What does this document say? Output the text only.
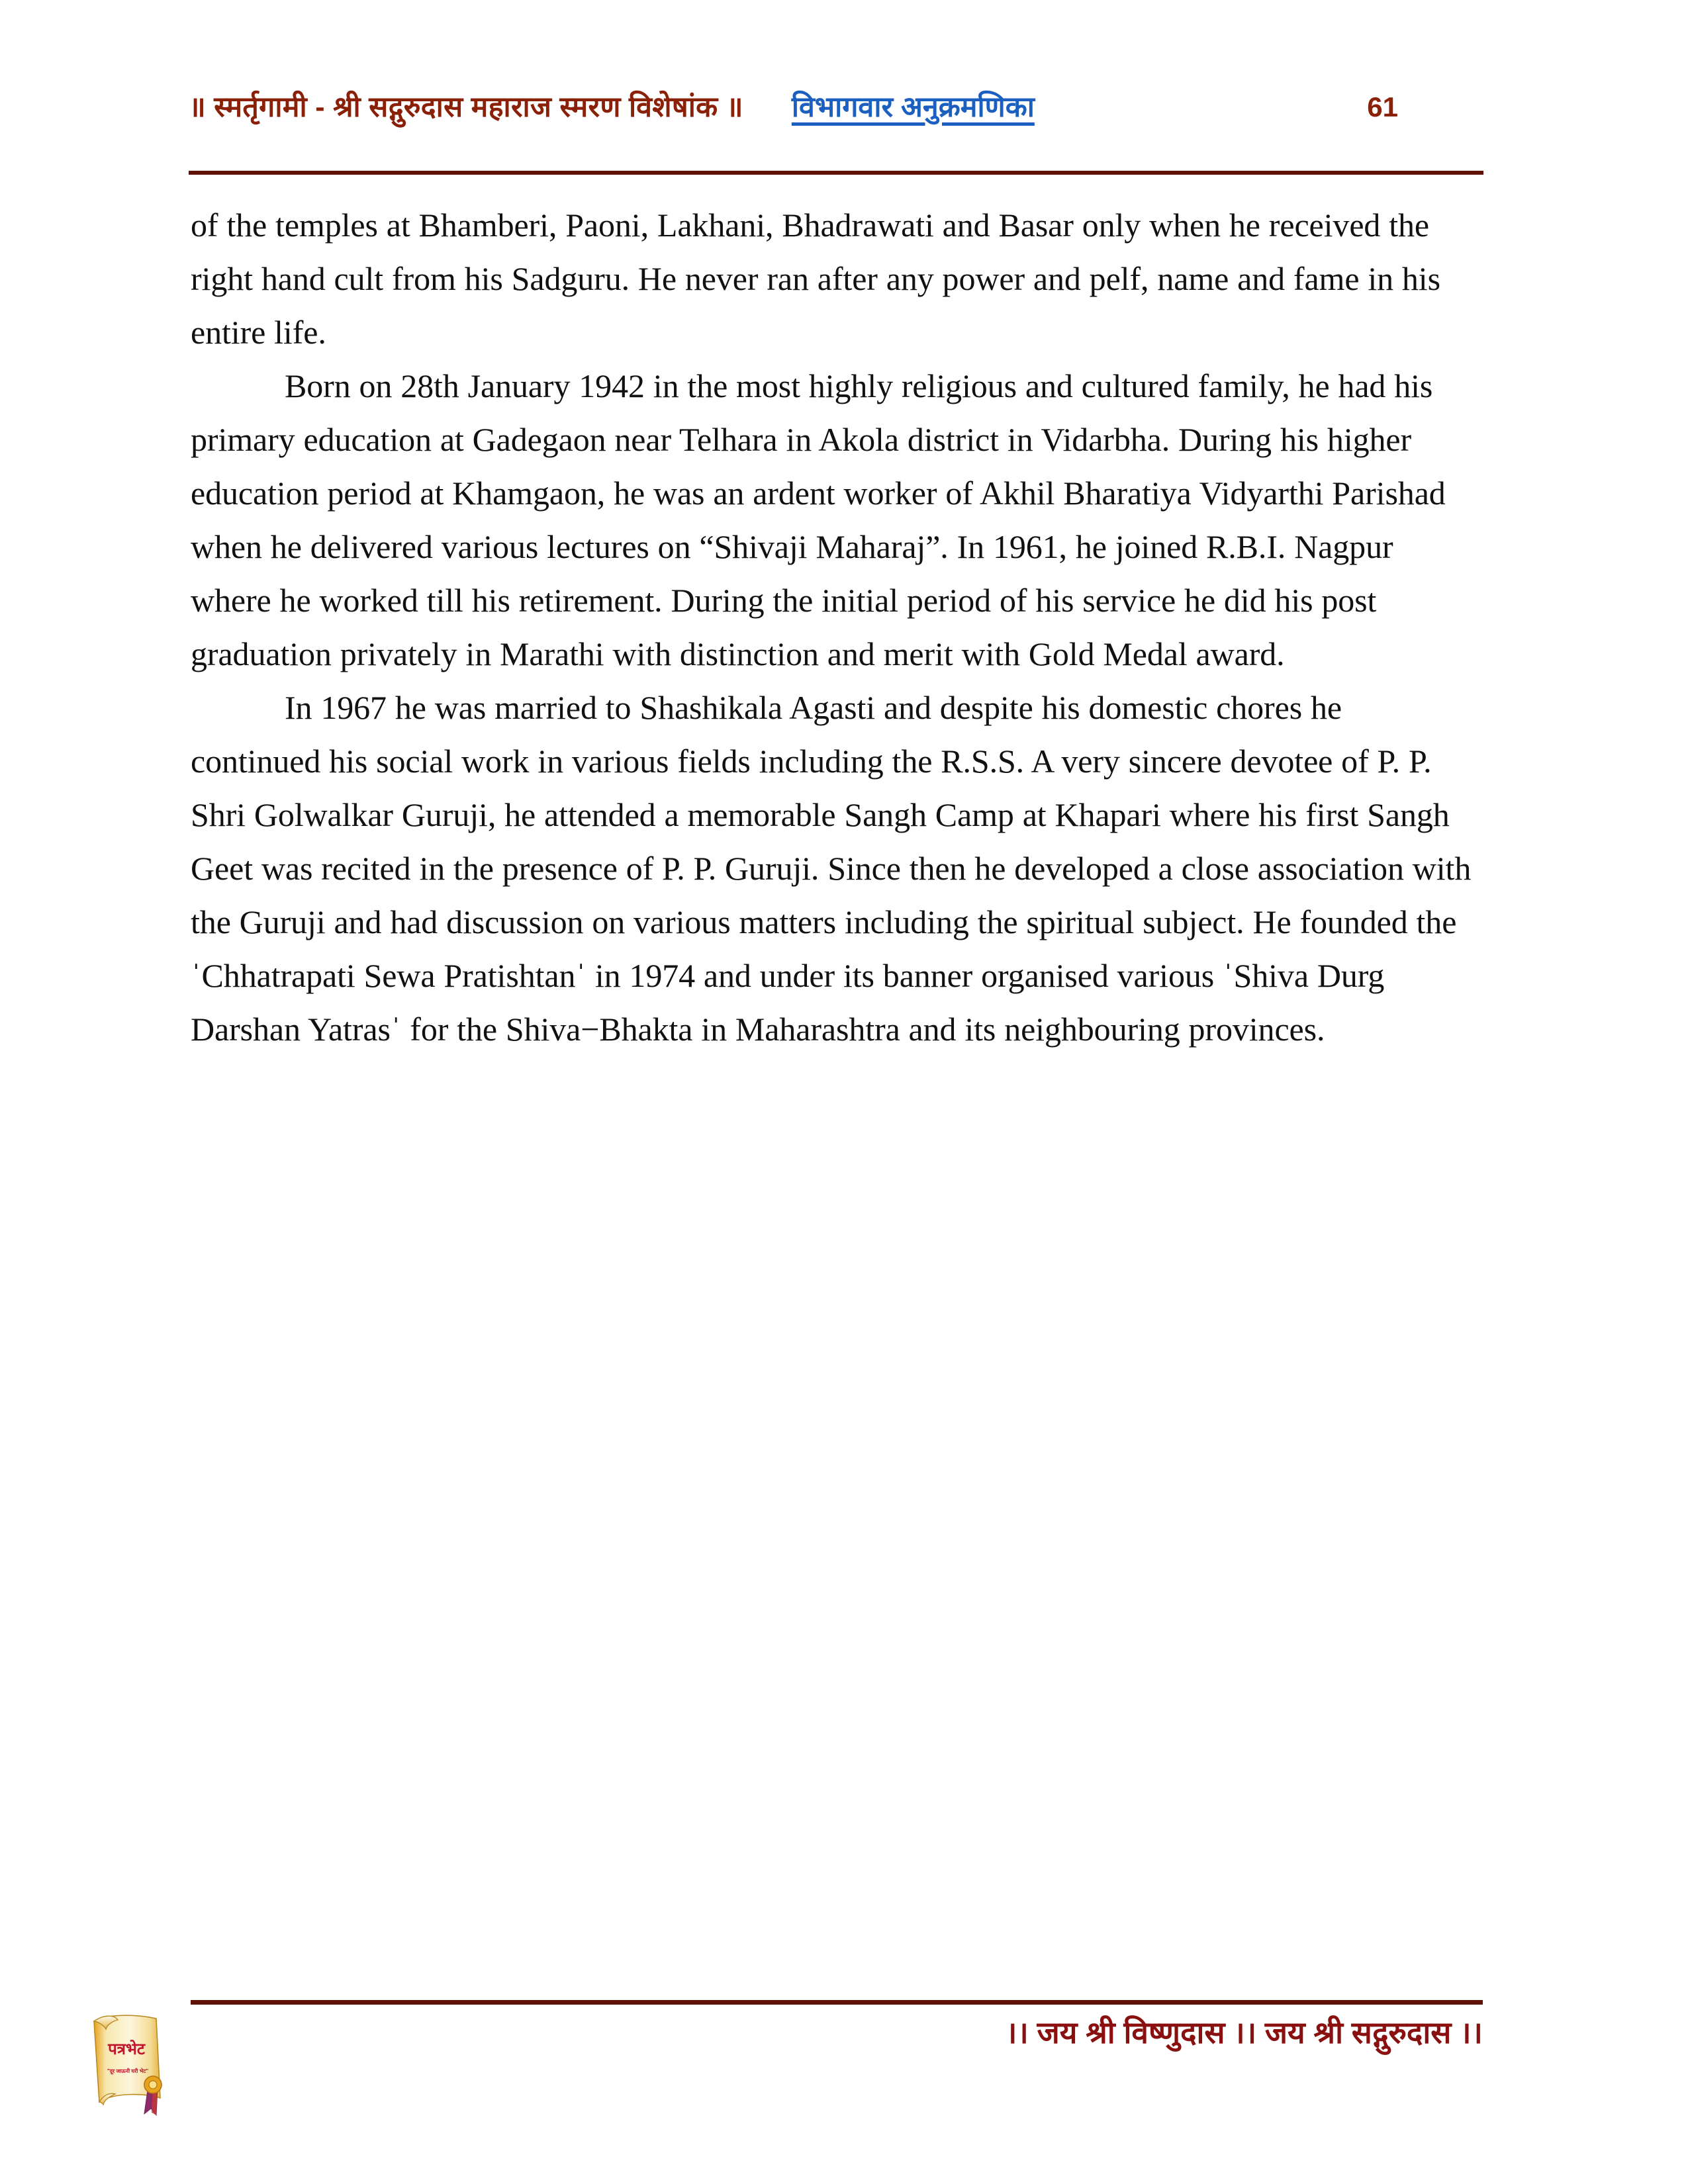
॥ स्मर्तृगामी - श्री सद्गुरुदास महाराज स्मरण विशेषांक ॥ विभागवार अनुक्रमणिका	61

of the temples at Bhamberi, Paoni, Lakhani, Bhadrawati and Basar only when he received the right hand cult from his Sadguru. He never ran after any power and pelf, name and fame in his entire life.

Born on 28th January 1942 in the most highly religious and cultured family, he had his primary education at Gadegaon near Telhara in Akola district in Vidarbha. During his higher education period at Khamgaon, he was an ardent worker of Akhil Bharatiya Vidyarthi Parishad when he delivered various lectures on “Shivaji Maharaj”. In 1961, he joined R.B.I. Nagpur where he worked till his retirement. During the initial period of his service he did his post graduation privately in Marathi with distinction and merit with Gold Medal award.

In 1967 he was married to Shashikala Agasti and despite his domestic chores he continued his social work in various fields including the R.S.S. A very sincere devotee of P. P. Shri Golwalkar Guruji, he attended a memorable Sangh Camp at Khapari where his first Sangh Geet was recited in the presence of P. P. Guruji. Since then he developed a close association with the Guruji and had discussion on various matters including the spiritual subject. He founded the ˈChhatrapati Sewa Pratishtanˈ in 1974 and under its banner organised various ˈShiva Durg Darshan Yatrasˈ for the Shiva−Bhakta in Maharashtra and its neighbouring provinces.

।। जय श्री विष्णुदास ।। जय श्री सद्गुरुदास ।।
पत्रभेट
"दूर जाऊनी घरी भेट"
